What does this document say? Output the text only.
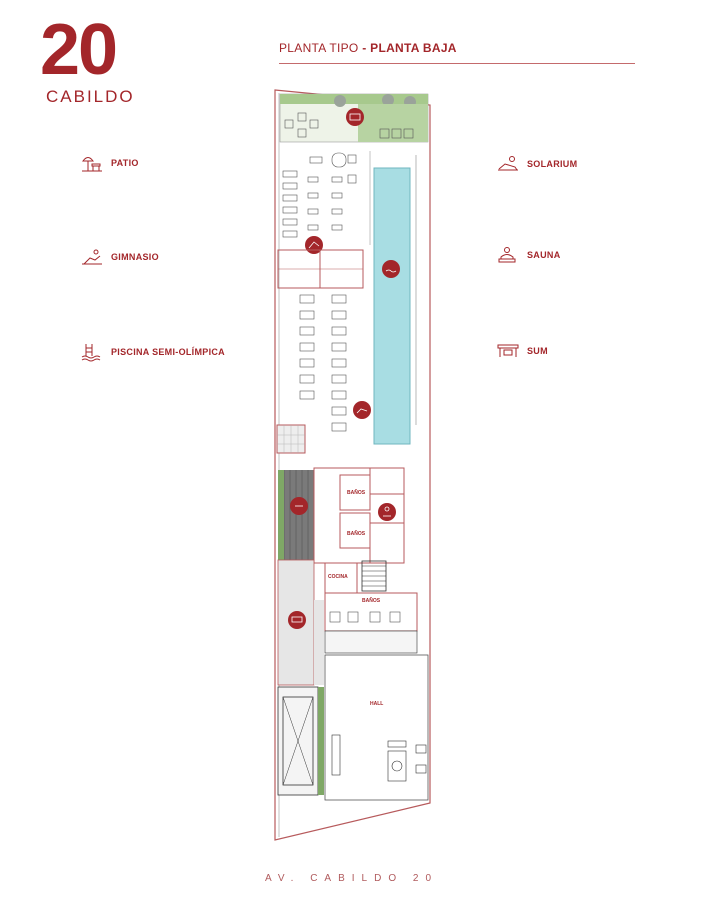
20
CABILDO
PLANTA TIPO - PLANTA BAJA
PATIO
GIMNASIO
PISCINA SEMI-OLÍMPICA
SOLARIUM
SAUNA
SUM
BAÑOS
BAÑOS
COCINA
BAÑOS
HALL
AV. CABILDO 20
